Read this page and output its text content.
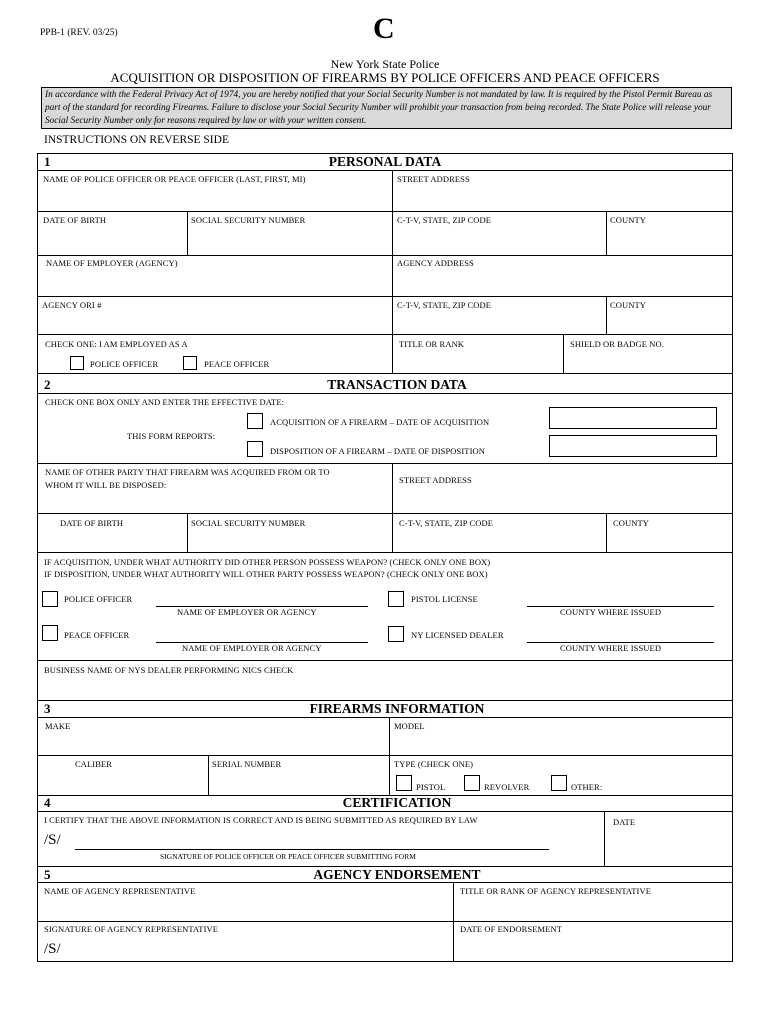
PPB-1 (REV. 03/25)	C
New York State Police
ACQUISITION OR DISPOSITION OF FIREARMS BY POLICE OFFICERS AND PEACE OFFICERS
In accordance with the Federal Privacy Act of 1974, you are hereby notified that your Social Security Number is not mandated by law. It is required by the Pistol Permit Bureau as part of the standard for recording Firearms. Failure to disclose your Social Security Number will prohibit your transaction from being recorded. The State Police will release your Social Security Number only for reasons required by law or with your written consent.
INSTRUCTIONS ON REVERSE SIDE
1	PERSONAL DATA
NAME OF POLICE OFFICER OR PEACE OFFICER (LAST, FIRST, MI)	STREET ADDRESS
DATE OF BIRTH	SOCIAL SECURITY NUMBER	C-T-V, STATE, ZIP CODE	COUNTY
NAME OF EMPLOYER (AGENCY)	AGENCY ADDRESS
AGENCY ORI #	C-T-V, STATE, ZIP CODE	COUNTY
CHECK ONE: I AM EMPLOYED AS A
POLICE OFFICER	PEACE OFFICER
TITLE OR RANK	SHIELD OR BADGE NO.
2	TRANSACTION DATA
CHECK ONE BOX ONLY AND ENTER THE EFFECTIVE DATE:
THIS FORM REPORTS:
ACQUISITION OF A FIREARM – DATE OF ACQUISITION
DISPOSITION OF A FIREARM – DATE OF DISPOSITION
NAME OF OTHER PARTY THAT FIREARM WAS ACQUIRED FROM OR TO
WHOM IT WILL BE DISPOSED:	STREET ADDRESS
DATE OF BIRTH	SOCIAL SECURITY NUMBER	C-T-V, STATE, ZIP CODE	COUNTY
IF ACQUISITION, UNDER WHAT AUTHORITY DID OTHER PERSON POSSESS WEAPON? (CHECK ONLY ONE BOX)
IF DISPOSITION, UNDER WHAT AUTHORITY WILL OTHER PARTY POSSESS WEAPON? (CHECK ONLY ONE BOX)
POLICE OFFICER
NAME OF EMPLOYER OR AGENCY
PISTOL LICENSE
COUNTY WHERE ISSUED
PEACE OFFICER
NAME OF EMPLOYER OR AGENCY
NY LICENSED DEALER
COUNTY WHERE ISSUED
BUSINESS NAME OF NYS DEALER PERFORMING NICS CHECK
3	FIREARMS INFORMATION
MAKE	MODEL
CALIBER	SERIAL NUMBER	TYPE (CHECK ONE)
PISTOL	REVOLVER	OTHER:
4	CERTIFICATION
I CERTIFY THAT THE ABOVE INFORMATION IS CORRECT AND IS BEING SUBMITTED AS REQUIRED BY LAW	DATE
/S/
SIGNATURE OF POLICE OFFICER OR PEACE OFFICER SUBMITTING FORM
5	AGENCY ENDORSEMENT
NAME OF AGENCY REPRESENTATIVE	TITLE OR RANK OF AGENCY REPRESENTATIVE
SIGNATURE OF AGENCY REPRESENTATIVE	DATE OF ENDORSEMENT
/S/
